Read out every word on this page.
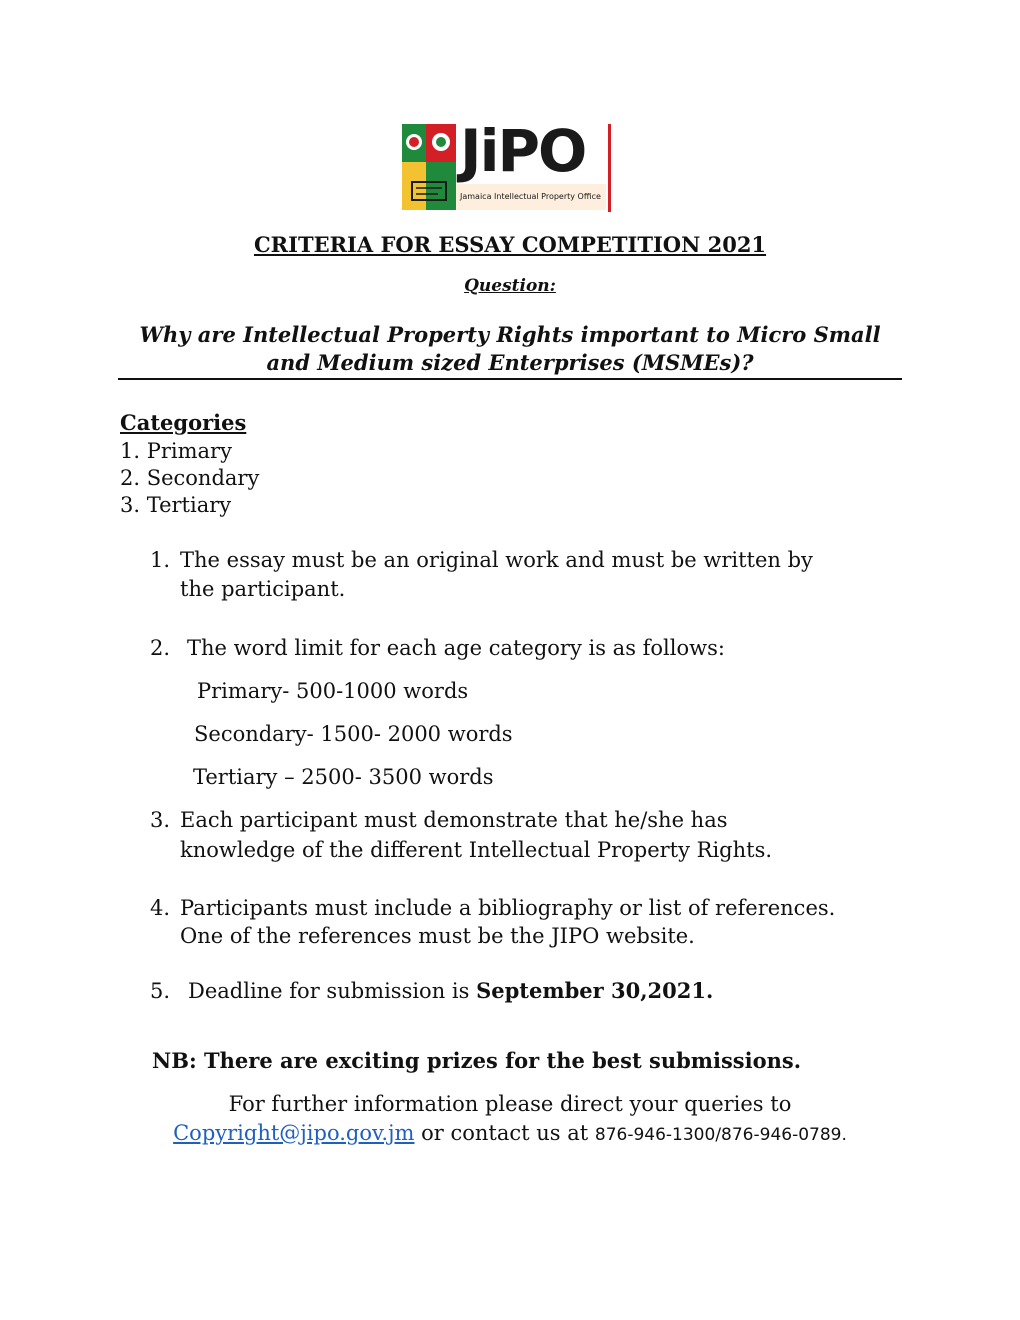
JiPO
Jamaica Intellectual Property Office
CRITERIA FOR ESSAY COMPETITION 2021
Question:
Why are Intellectual Property Rights important to Micro Small and Medium sized Enterprises (MSMEs)?
Categories
1. Primary
2. Secondary
3. Tertiary
1. The essay must be an original work and must be written by
the participant.
2. The word limit for each age category is as follows:
Primary- 500-1000 words
Secondary- 1500- 2000 words
Tertiary – 2500- 3500 words
3. Each participant must demonstrate that he/she has
knowledge of the different Intellectual Property Rights.
4. Participants must include a bibliography or list of references.
One of the references must be the JIPO website.
5. Deadline for submission is September 30,2021.
NB: There are exciting prizes for the best submissions.
For further information please direct your queries to
Copyright@jipo.gov.jm or contact us at 876-946-1300/876-946-0789.
